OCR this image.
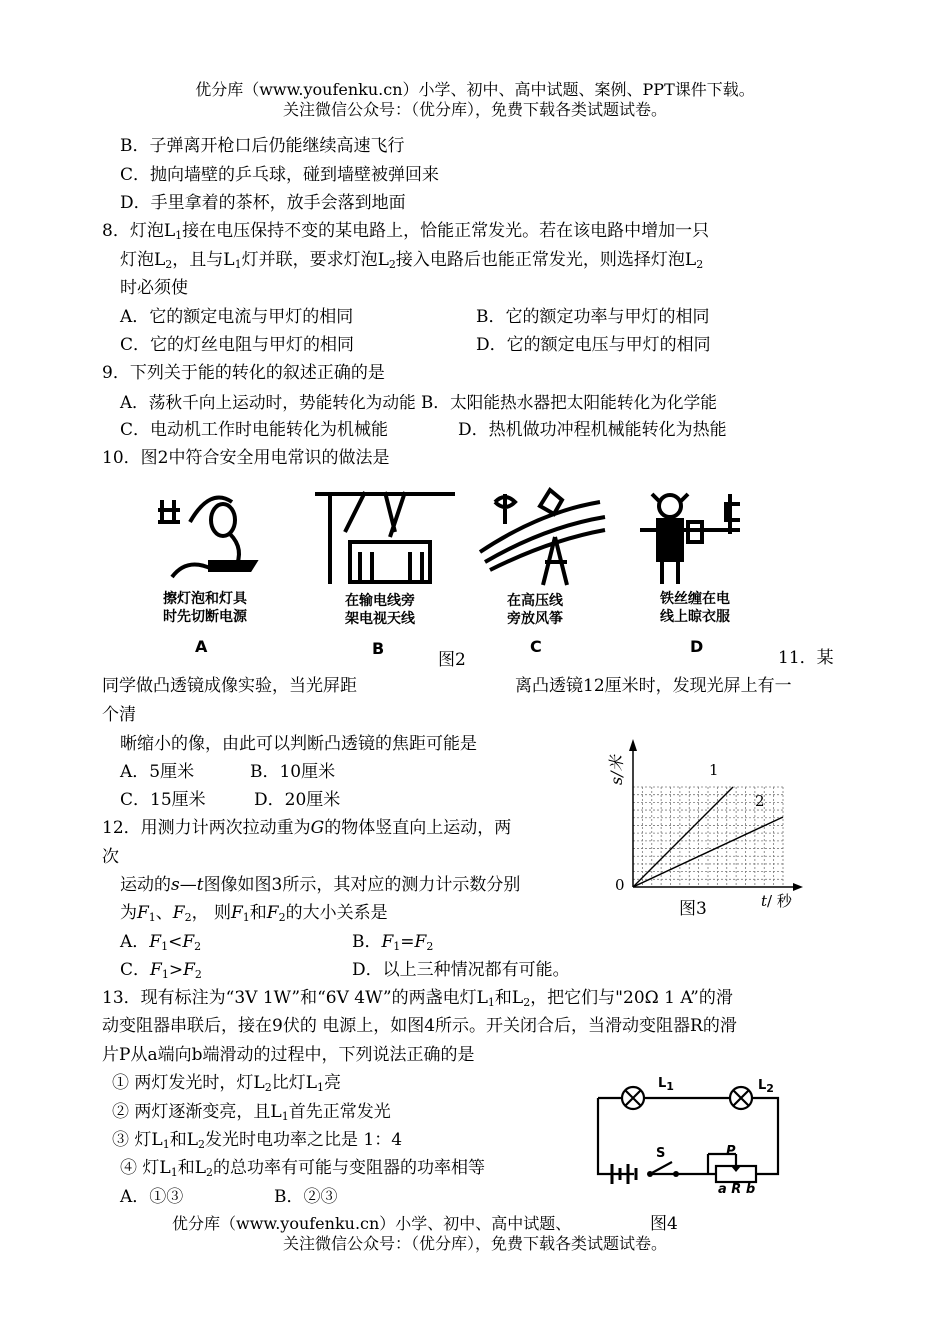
优分库（www.youfenku.cn）小学、初中、高中试题、案例、PPT课件下载。
关注微信公众号：（优分库），免费下载各类试题试卷。
B．子弹离开枪口后仍能继续高速飞行
C．抛向墙壁的乒乓球，碰到墙壁被弹回来
D．手里拿着的茶杯，放手会落到地面
8．灯泡$L_1$接在电压保持不变的某电路上，恰能正常发光。若在该电路中增加一只
灯泡$L_2$，且与$L_1$灯并联，要求灯泡$L_2$接入电路后也能正常发光，则选择灯泡$L_2$
时必须使
A．它的额定电流与甲灯的相同	B．它的额定功率与甲灯的相同
C．它的灯丝电阻与甲灯的相同	D．它的额定电压与甲灯的相同
9．下列关于能的转化的叙述正确的是
A．荡秋千向上运动时，势能转化为动能 B．太阳能热水器把太阳能转化为化学能
C．电动机工作时电能转化为机械能	D．热机做功冲程机械能转化为热能
10．图2中符合安全用电常识的做法是
擦灯泡和灯具
时先切断电源
在输电线旁
架电视天线
在高压线
旁放风筝
铁丝缠在电
线上晾衣服
A	B	C	D
图2	11．某
同学做凸透镜成像实验，当光屏距	离凸透镜12厘米时，发现光屏上有一
个清
晰缩小的像，由此可以判断凸透镜的焦距可能是
A．5厘米	B．10厘米
C．15厘米	D．20厘米
s/米
0
1
2
t/ 秒
图3
12．用测力计两次拉动重为G的物体竖直向上运动，两
次
运动的s—t图像如图3所示，其对应的测力计示数分别
为$F_1$、$F_2$， 则$F_1$和$F_2$的大小关系是
A．$F_1<F_2$	B．$F_1=F_2$
C．$F_1>F_2$	D．以上三种情况都有可能。
13．现有标注为“3V 1W”和“6V 4W”的两盏电灯$L_1$和$L_2$，把它们与"20Ω 1 A”的滑
动变阻器串联后，接在9伏的 电源上，如图4所示。开关闭合后，当滑动变阻器R的滑
片P从a端向b端滑动的过程中，下列说法正确的是
① 两灯发光时，灯$L_2$比灯$L_1$亮
② 两灯逐渐变亮，且$L_1$首先正常发光
③ 灯$L_1$和$L_2$发光时电功率之比是 1：4
④ 灯$L_1$和$L_2$的总功率有可能与变阻器的功率相等
A．①③	B．②③
$L_1$	$L_2$
S	P
a R b
图4
优分库（www.youfenku.cn）小学、初中、高中试题、
关注微信公众号：（优分库），免费下载各类试题试卷。
